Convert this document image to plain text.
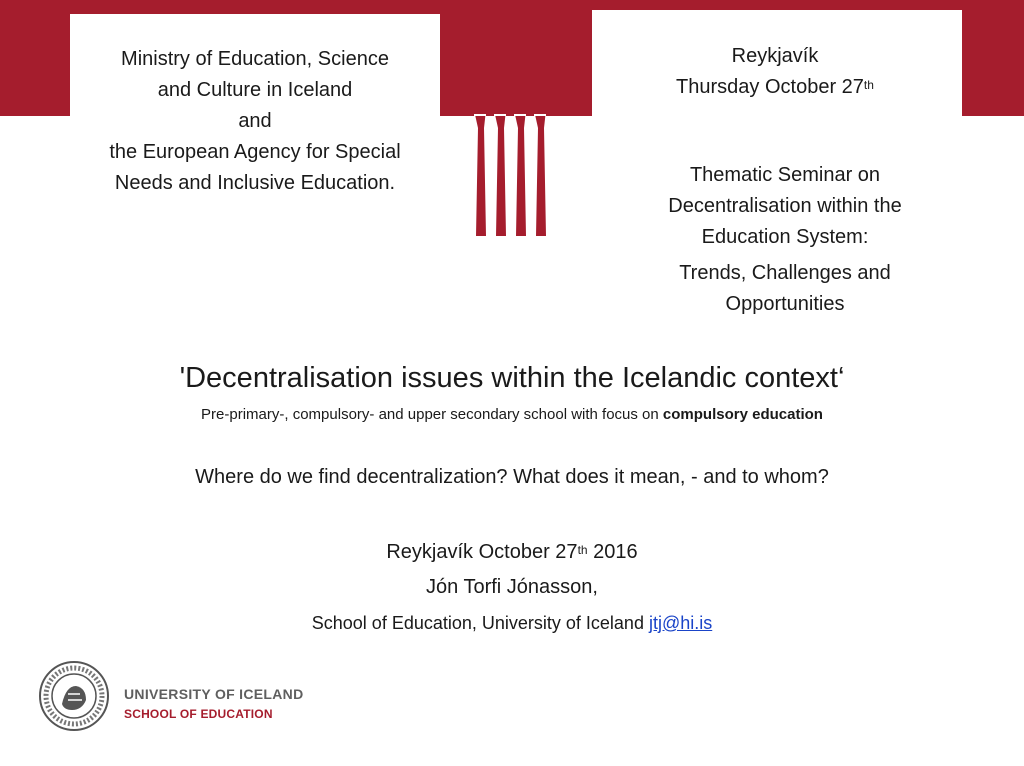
Ministry of Education, Science
and Culture in Iceland
and
the European Agency for Special
Needs and Inclusive Education.
Reykjavík
Thursday October 27th
Thematic Seminar on
Decentralisation within the
Education System:
Trends, Challenges and
Opportunities
'Decentralisation issues within the Icelandic context‘
Pre-primary-, compulsory- and upper secondary school with focus on compulsory education
Where do we find decentralization? What does it mean, - and to whom?
Reykjavík October 27th 2016
Jón Torfi Jónasson,
School of Education, University of Iceland jtj@hi.is
UNIVERSITY OF ICELAND
SCHOOL OF EDUCATION
